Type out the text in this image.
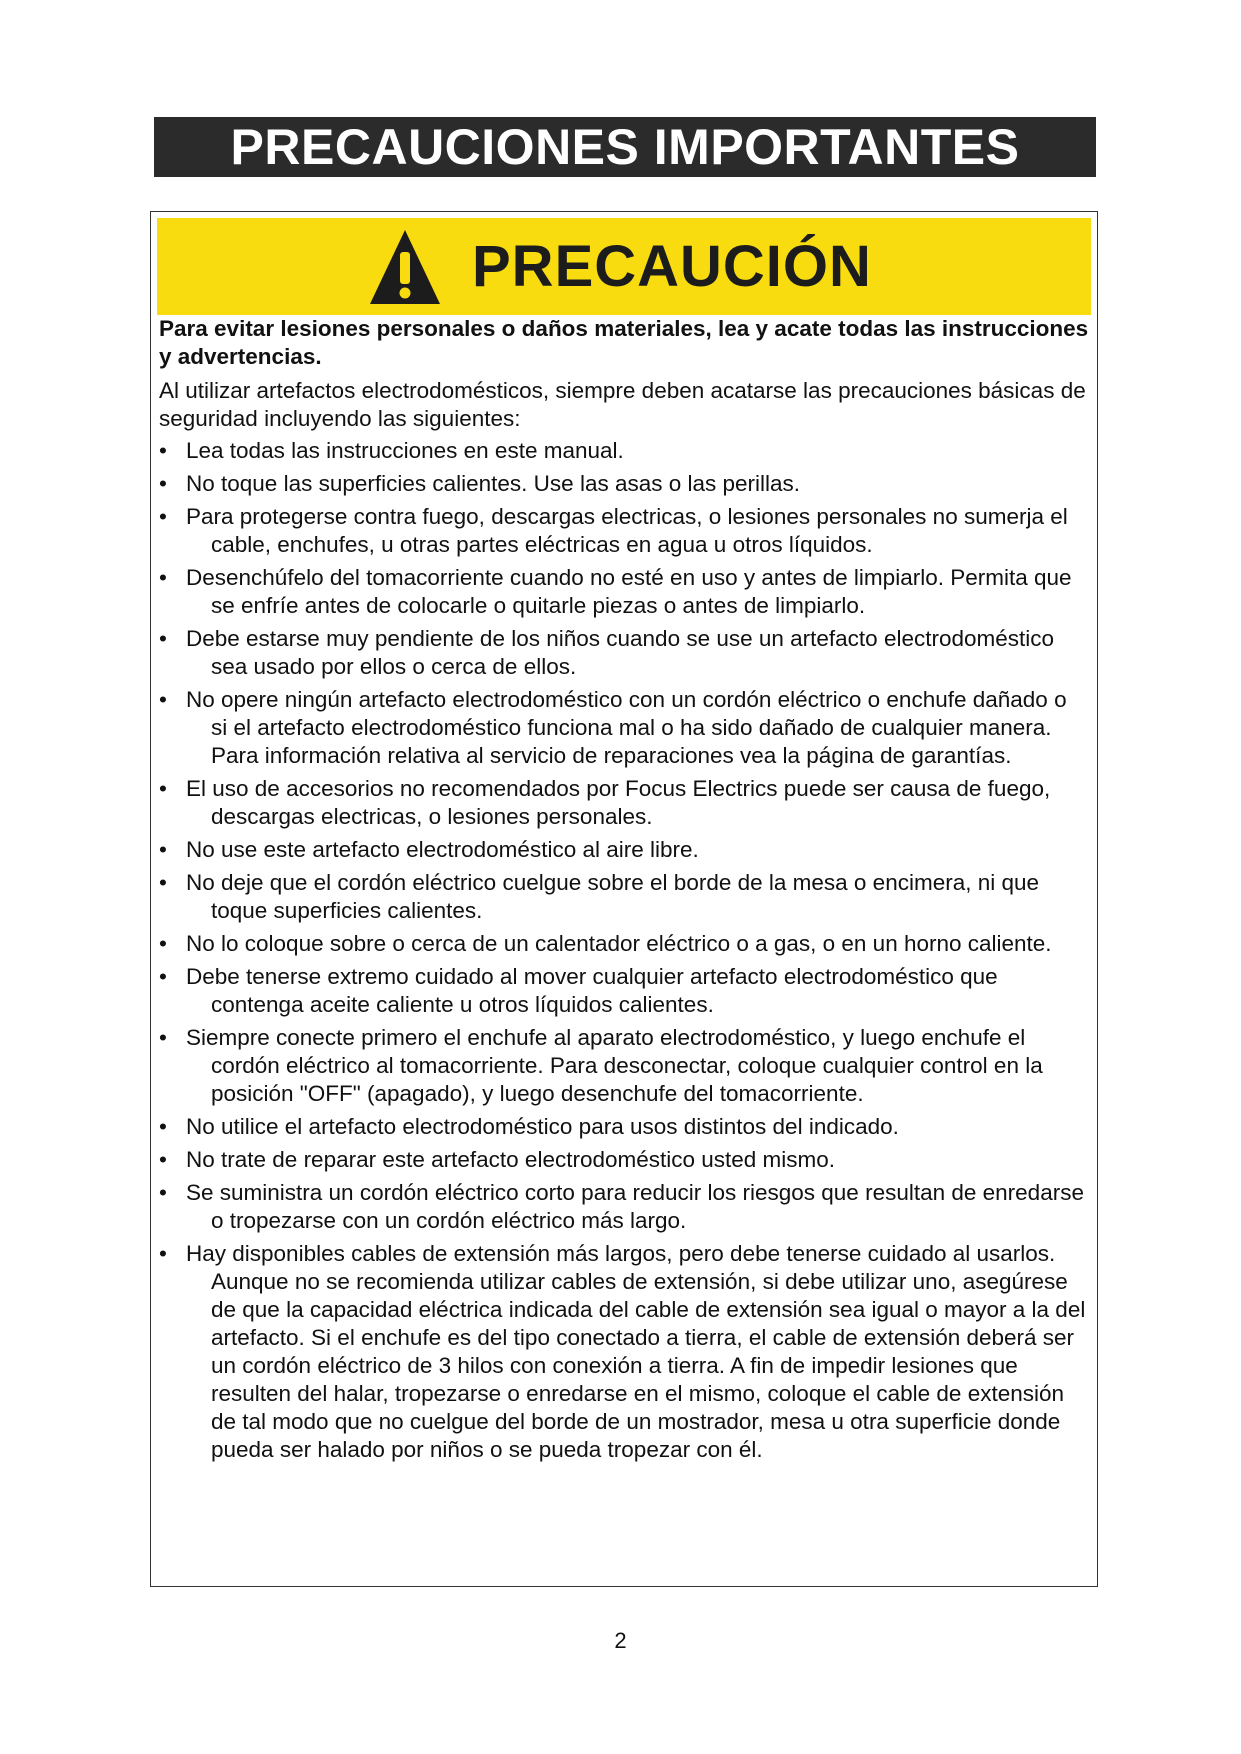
PRECAUCIONES IMPORTANTES
PRECAUCIÓN

Para evitar lesiones personales o daños materiales, lea y acate todas las instrucciones y advertencias.

Al utilizar artefactos electrodomésticos, siempre deben acatarse las precauciones básicas de seguridad incluyendo las siguientes:

• Lea todas las instrucciones en este manual.
• No toque las superficies calientes. Use las asas o las perillas.
• Para protegerse contra fuego, descargas electricas, o lesiones personales no sumerja el cable, enchufes, u otras partes eléctricas en agua u otros líquidos.
• Desenchúfelo del tomacorriente cuando no esté en uso y antes de limpiarlo. Permita que se enfríe antes de colocarle o quitarle piezas o antes de limpiarlo.
• Debe estarse muy pendiente de los niños cuando se use un artefacto electrodoméstico sea usado por ellos o cerca de ellos.
• No opere ningún artefacto electrodoméstico con un cordón eléctrico o enchufe dañado o si el artefacto electrodoméstico funciona mal o ha sido dañado de cualquier manera. Para información relativa al servicio de reparaciones vea la página de garantías.
• El uso de accesorios no recomendados por Focus Electrics puede ser causa de fuego, descargas electricas, o lesiones personales.
• No use este artefacto electrodoméstico al aire libre.
• No deje que el cordón eléctrico cuelgue sobre el borde de la mesa o encimera, ni que toque superficies calientes.
• No lo coloque sobre o cerca de un calentador eléctrico o a gas, o en un horno caliente.
• Debe tenerse extremo cuidado al mover cualquier artefacto electrodoméstico que contenga aceite caliente u otros líquidos calientes.
• Siempre conecte primero el enchufe al aparato electrodoméstico, y luego enchufe el cordón eléctrico al tomacorriente. Para desconectar, coloque cualquier control en la posición "OFF" (apagado), y luego desenchufe del tomacorriente.
• No utilice el artefacto electrodoméstico para usos distintos del indicado.
• No trate de reparar este artefacto electrodoméstico usted mismo.
• Se suministra un cordón eléctrico corto para reducir los riesgos que resultan de enredarse o tropezarse con un cordón eléctrico más largo.
• Hay disponibles cables de extensión más largos, pero debe tenerse cuidado al usarlos. Aunque no se recomienda utilizar cables de extensión, si debe utilizar uno, asegúrese de que la capacidad eléctrica indicada del cable de extensión sea igual o mayor a la del artefacto. Si el enchufe es del tipo conectado a tierra, el cable de extensión deberá ser un cordón eléctrico de 3 hilos con conexión a tierra. A fin de impedir lesiones que resulten del halar, tropezarse o enredarse en el mismo, coloque el cable de extensión de tal modo que no cuelgue del borde de un mostrador, mesa u otra superficie donde pueda ser halado por niños o se pueda tropezar con él.
2
